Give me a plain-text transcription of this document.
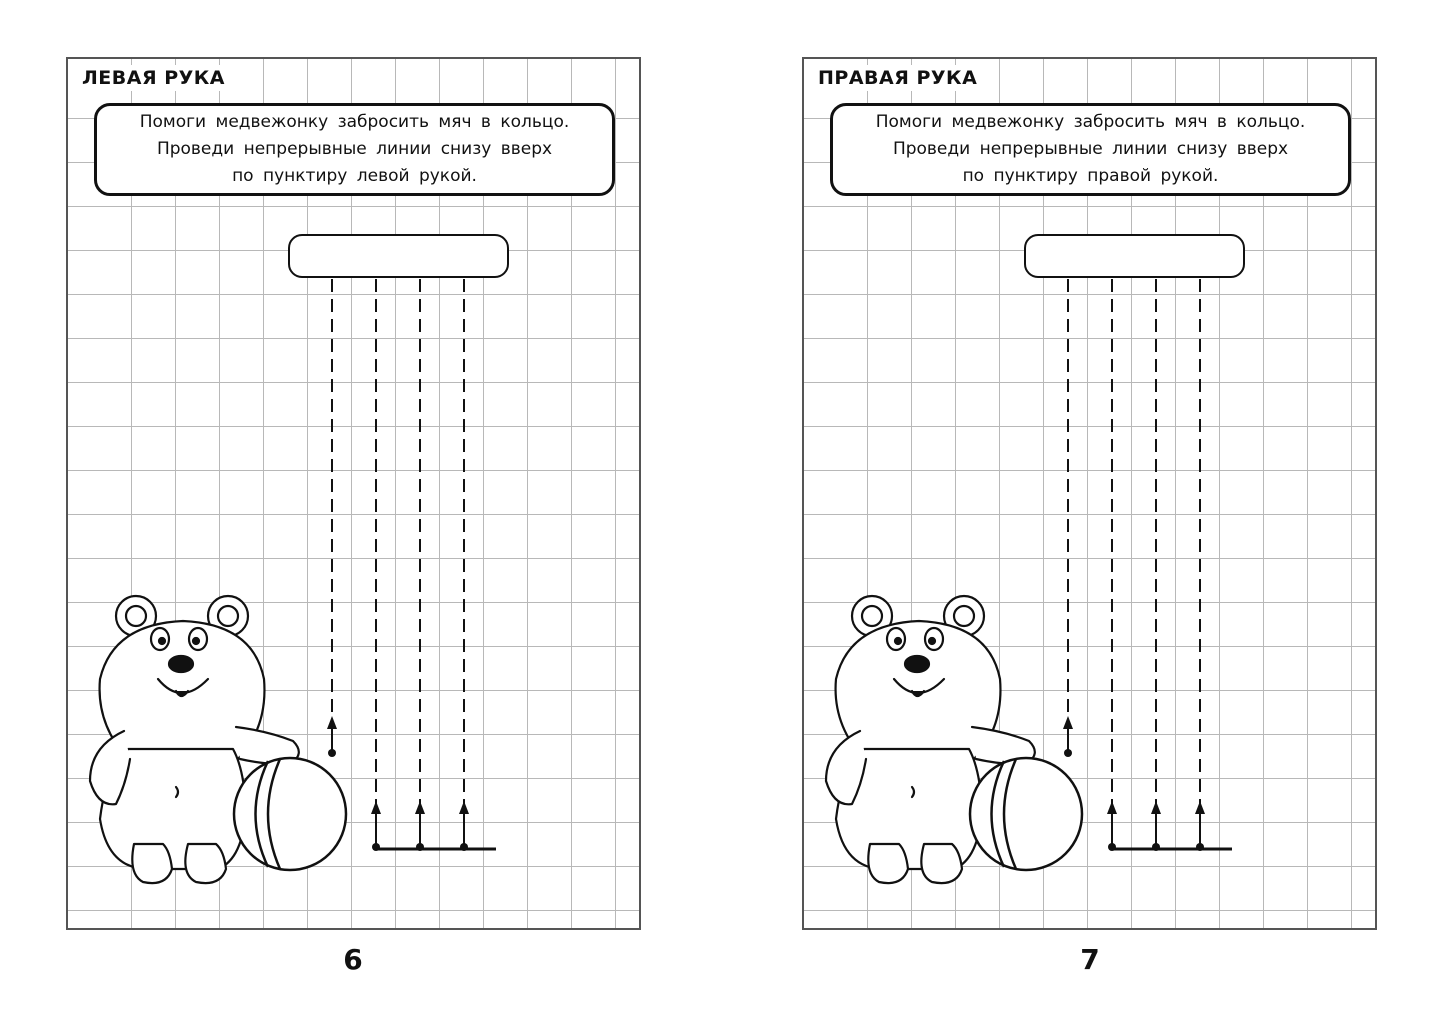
ЛЕВАЯ РУКА
Помоги медвежонку забросить мяч в кольцо.
Проведи непрерывные линии снизу вверх
по пунктиру левой рукой.
ПРАВАЯ РУКА
Помоги медвежонку забросить мяч в кольцо.
Проведи непрерывные линии снизу вверх
по пунктиру правой рукой.
6	7
